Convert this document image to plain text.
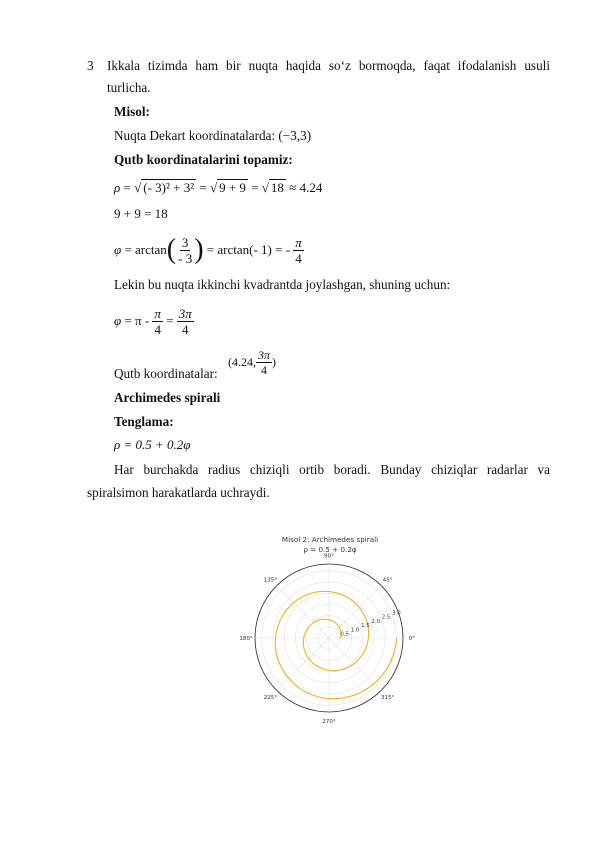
3 Ikkala tizimda ham bir nuqta haqida so‘z bormoqda, faqat ifodalanish usuli
turlicha.
Misol:
Nuqta Dekart koordinatalarda: (−3,3)
Qutb koordinatalarini topamiz:
ρ = √ (- 3)² + 3² = √ 9 + 9 = √ 18 ≈ 4.24
9 + 9 = 18
φ
= arctan ( $\frac{3}{- 3}$ )
= arctan(- 1) = -
$\frac{\pi}{4}$
Lekin bu nuqta ikkinchi kvadrantda joylashgan, shuning uchun:
φ
= π -
$\frac{\pi}{4}$
=
$\frac{3\pi}{4}$
Qutb koordinatalar:
(4.24, $\frac{3\pi}{4}$ )
Archimedes spirali
Tenglama:
ρ = 0.5 + 0.2φ
Har burchakda radius chiziqli ortib boradi. Bunday chiziqlar radarlar va
spiralsimon harakatlarda uchraydi.
Misol 2: Archimedes spirali
ρ = 0.5 + 0.2φ
0°
45°
90°
135°
180°
225°
270°
315°
0.5
1.0
1.5
2.0
2.5
3.0
